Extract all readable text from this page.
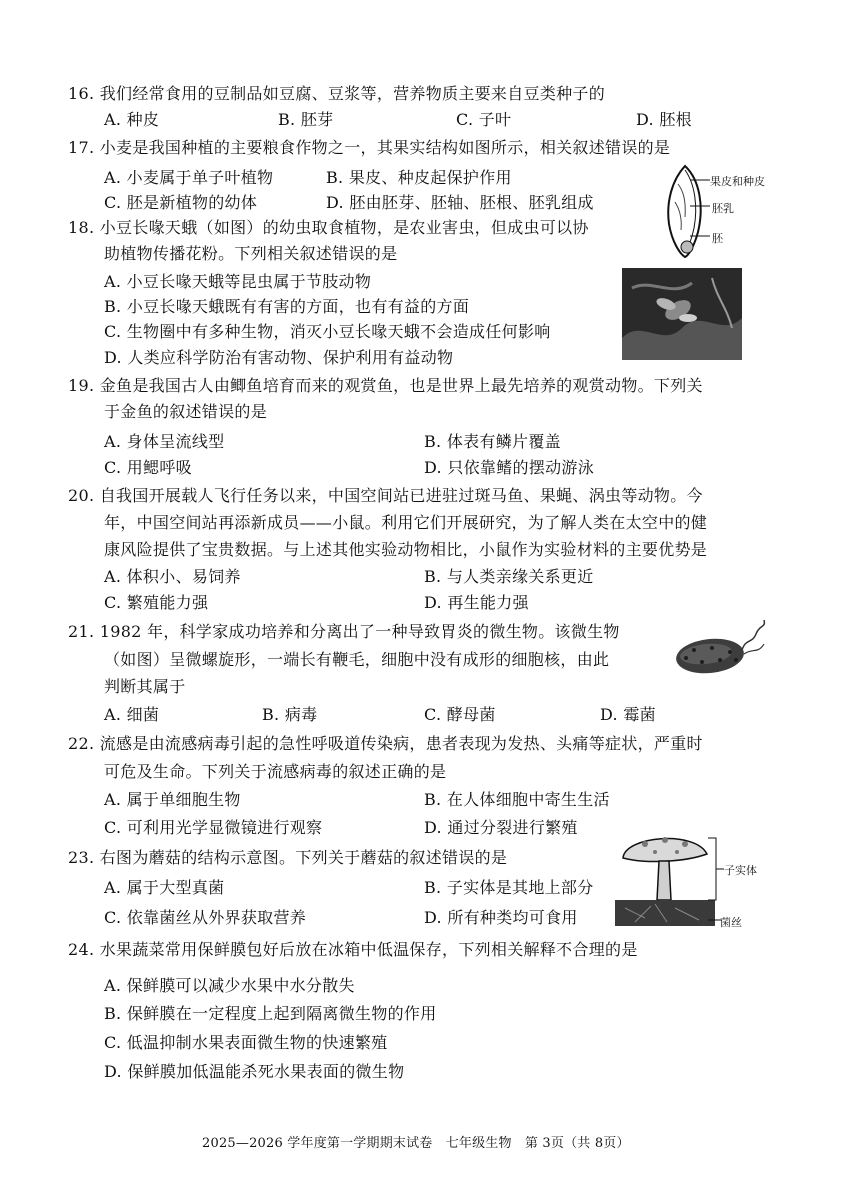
16. 我们经常食用的豆制品如豆腐、豆浆等，营养物质主要来自豆类种子的
A. 种皮	B. 胚芽	C. 子叶	D. 胚根
17. 小麦是我国种植的主要粮食作物之一，其果实结构如图所示，相关叙述错误的是
A. 小麦属于单子叶植物	B. 果皮、种皮起保护作用
C. 胚是新植物的幼体	D. 胚由胚芽、胚轴、胚根、胚乳组成
果皮和种皮
胚乳
胚
18. 小豆长喙天蛾（如图）的幼虫取食植物，是农业害虫，但成虫可以协
助植物传播花粉。下列相关叙述错误的是
A. 小豆长喙天蛾等昆虫属于节肢动物
B. 小豆长喙天蛾既有有害的方面，也有有益的方面
C. 生物圈中有多种生物，消灭小豆长喙天蛾不会造成任何影响
D. 人类应科学防治有害动物、保护利用有益动物
19. 金鱼是我国古人由鲫鱼培育而来的观赏鱼，也是世界上最先培养的观赏动物。下列关
于金鱼的叙述错误的是
A. 身体呈流线型	B. 体表有鳞片覆盖
C. 用鳃呼吸	D. 只依靠鳍的摆动游泳
20. 自我国开展载人飞行任务以来，中国空间站已进驻过斑马鱼、果蝇、涡虫等动物。今
年，中国空间站再添新成员——小鼠。利用它们开展研究，为了解人类在太空中的健
康风险提供了宝贵数据。与上述其他实验动物相比，小鼠作为实验材料的主要优势是
A. 体积小、易饲养	B. 与人类亲缘关系更近
C. 繁殖能力强	D. 再生能力强
21. 1982 年，科学家成功培养和分离出了一种导致胃炎的微生物。该微生物
（如图）呈微螺旋形，一端长有鞭毛，细胞中没有成形的细胞核，由此
判断其属于
A. 细菌	B. 病毒	C. 酵母菌	D. 霉菌
22. 流感是由流感病毒引起的急性呼吸道传染病，患者表现为发热、头痛等症状，严重时
可危及生命。下列关于流感病毒的叙述正确的是
A. 属于单细胞生物	B. 在人体细胞中寄生生活
C. 可利用光学显微镜进行观察	D. 通过分裂进行繁殖
23. 右图为蘑菇的结构示意图。下列关于蘑菇的叙述错误的是
A. 属于大型真菌	B. 子实体是其地上部分
C. 依靠菌丝从外界获取营养	D. 所有种类均可食用
子实体
菌丝
24. 水果蔬菜常用保鲜膜包好后放在冰箱中低温保存，下列相关解释不合理的是
A. 保鲜膜可以减少水果中水分散失
B. 保鲜膜在一定程度上起到隔离微生物的作用
C. 低温抑制水果表面微生物的快速繁殖
D. 保鲜膜加低温能杀死水果表面的微生物
2025—2026 学年度第一学期期末试卷　七年级生物　第 3页（共 8页）
